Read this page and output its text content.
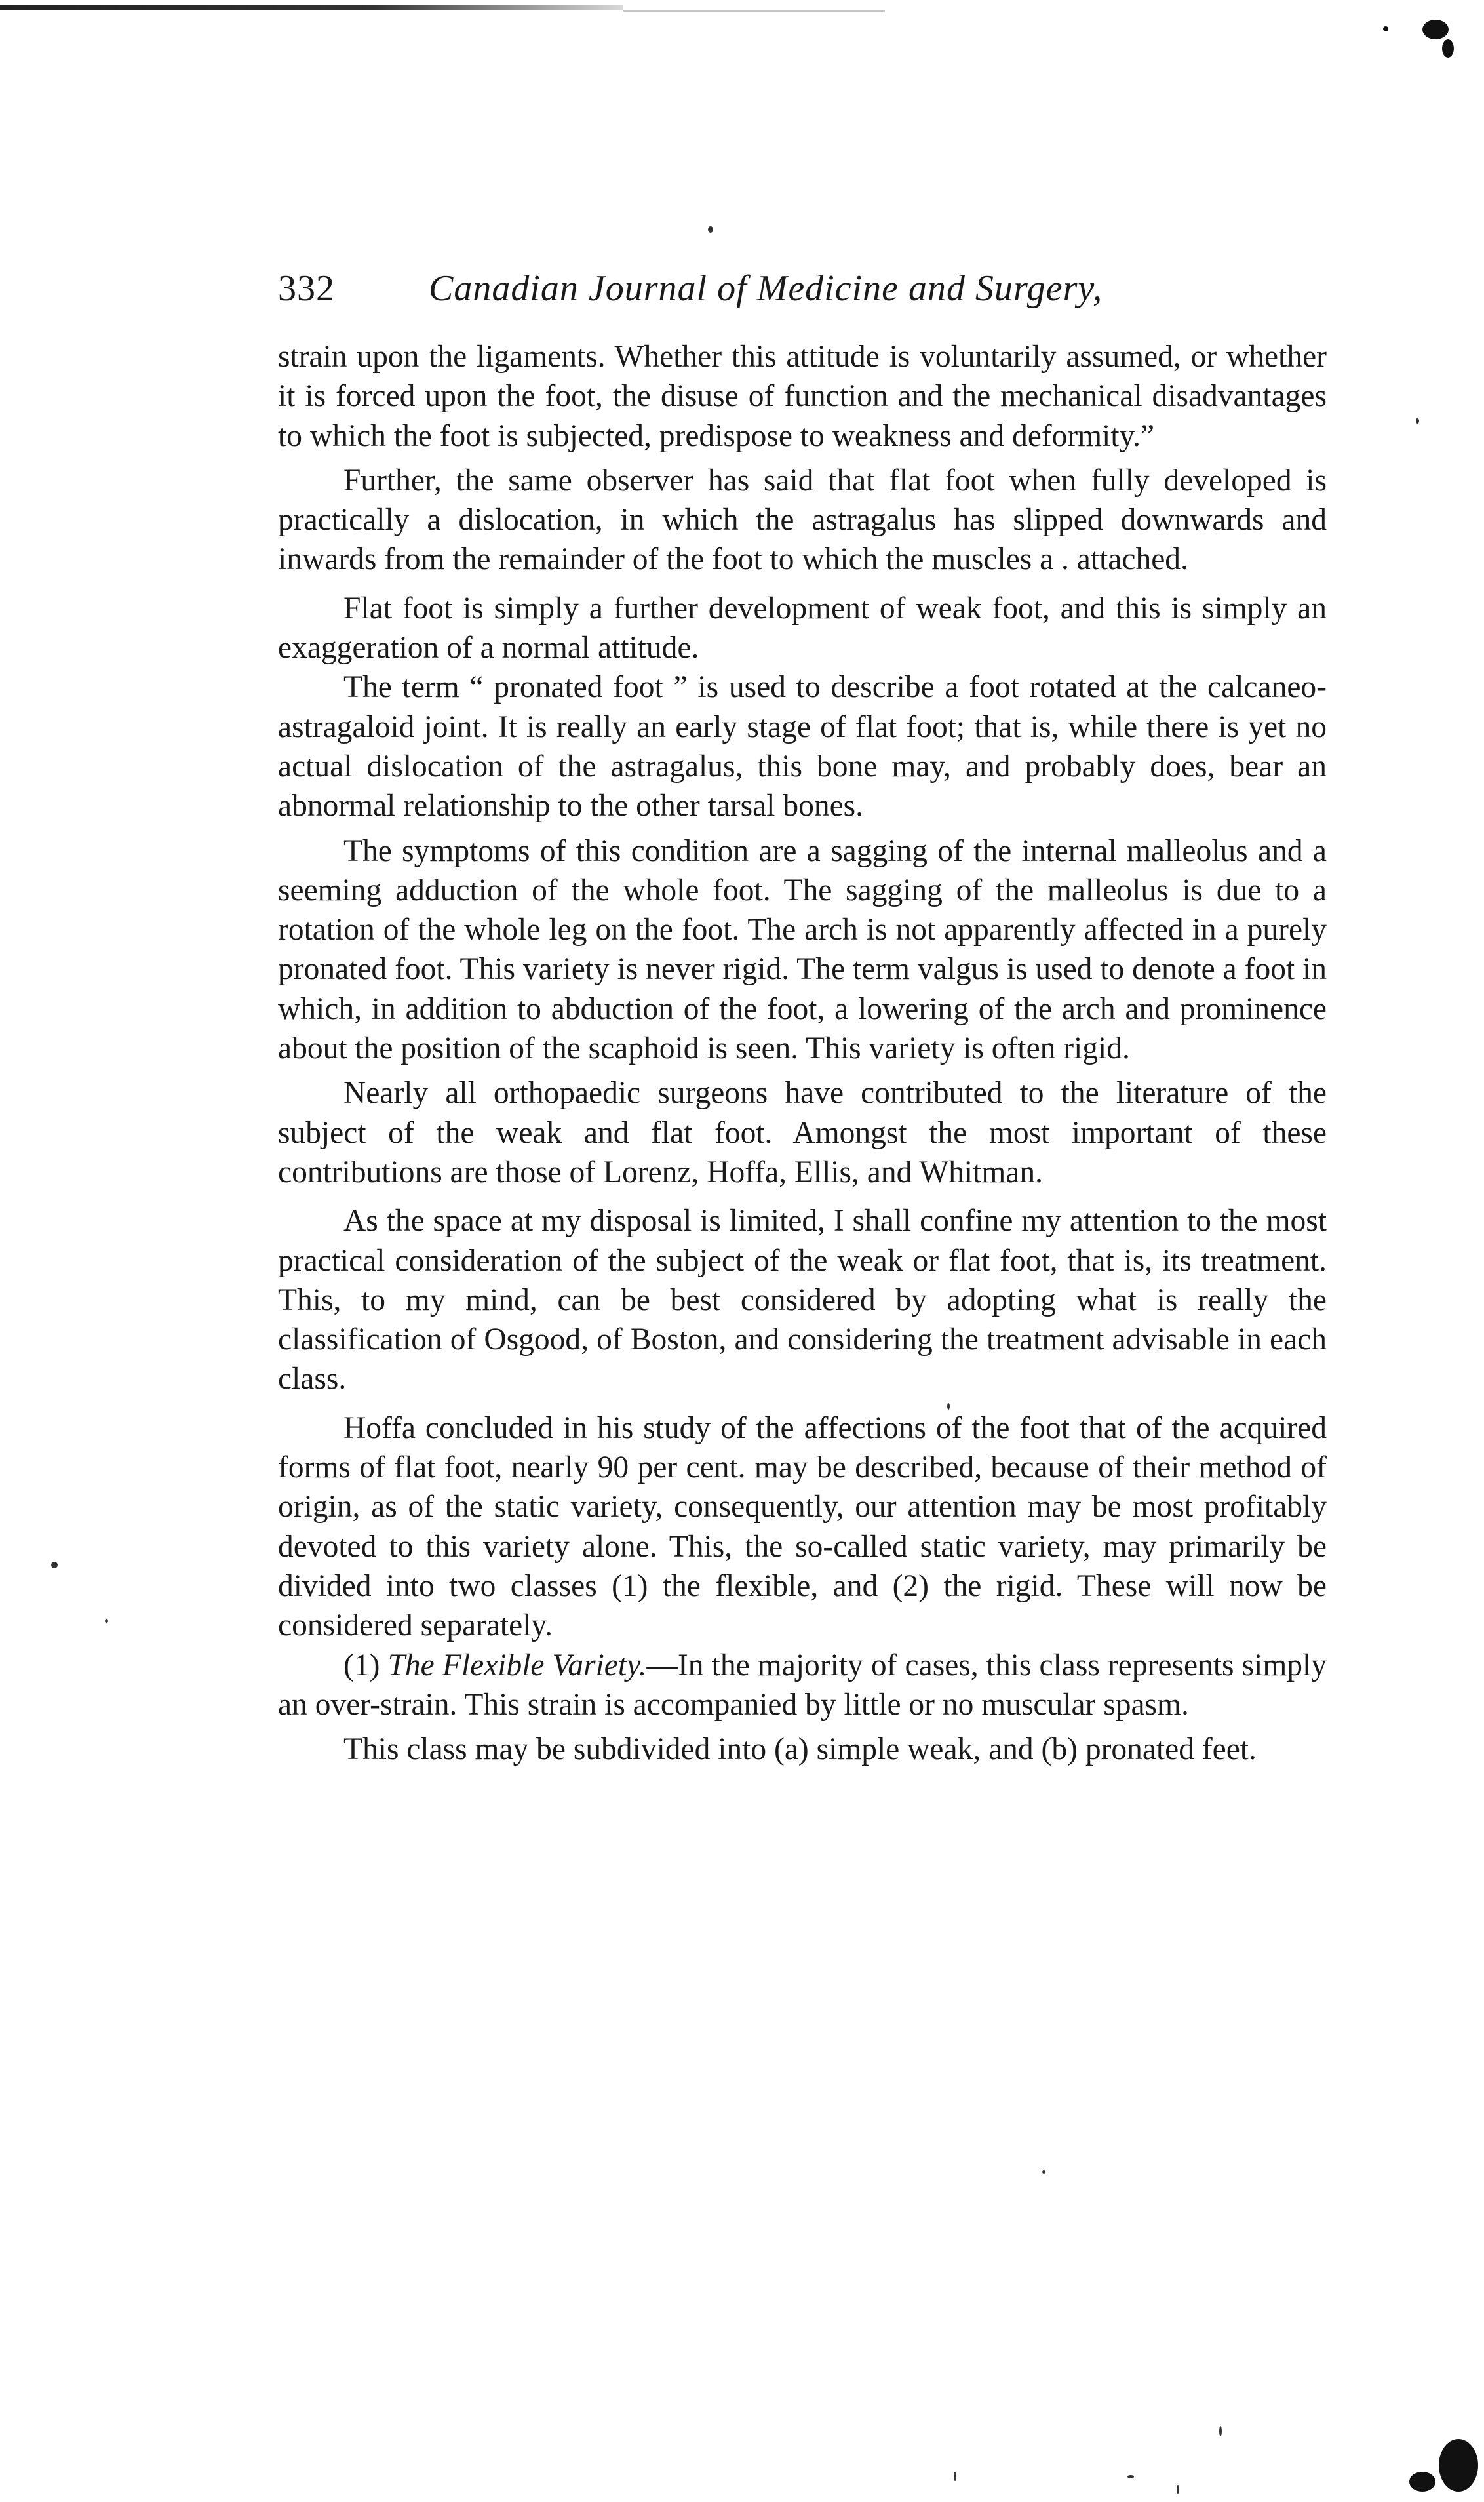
332	Canadian Journal of Medicine and Surgery,

strain upon the ligaments. Whether this attitude is voluntarily assumed, or whether it is forced upon the foot, the disuse of function and the mechanical disadvantages to which the foot is subjected, predispose to weakness and deformity.”

Further, the same observer has said that flat foot when fully developed is practically a dislocation, in which the astragalus has slipped downwards and inwards from the remainder of the foot to which the muscles a . attached.

Flat foot is simply a further development of weak foot, and this is simply an exaggeration of a normal attitude.

The term “ pronated foot ” is used to describe a foot rotated at the calcaneo-astragaloid joint. It is really an early stage of flat foot; that is, while there is yet no actual dislocation of the astragalus, this bone may, and probably does, bear an abnormal relationship to the other tarsal bones.

The symptoms of this condition are a sagging of the internal malleolus and a seeming adduction of the whole foot. The sagging of the malleolus is due to a rotation of the whole leg on the foot. The arch is not apparently affected in a purely pronated foot. This variety is never rigid. The term valgus is used to denote a foot in which, in addition to abduction of the foot, a lowering of the arch and prominence about the position of the scaphoid is seen. This variety is often rigid.

Nearly all orthopaedic surgeons have contributed to the literature of the subject of the weak and flat foot. Amongst the most important of these contributions are those of Lorenz, Hoffa, Ellis, and Whitman.

As the space at my disposal is limited, I shall confine my attention to the most practical consideration of the subject of the weak or flat foot, that is, its treatment. This, to my mind, can be best considered by adopting what is really the classification of Osgood, of Boston, and considering the treatment advisable in each class.

Hoffa concluded in his study of the affections of the foot that of the acquired forms of flat foot, nearly 90 per cent. may be described, because of their method of origin, as of the static variety, consequently, our attention may be most profitably devoted to this variety alone. This, the so-called static variety, may primarily be divided into two classes (1) the flexible, and (2) the rigid. These will now be considered separately.

(1) The Flexible Variety.—In the majority of cases, this class represents simply an over-strain. This strain is accompanied by little or no muscular spasm.

This class may be subdivided into (a) simple weak, and (b) pronated feet.
